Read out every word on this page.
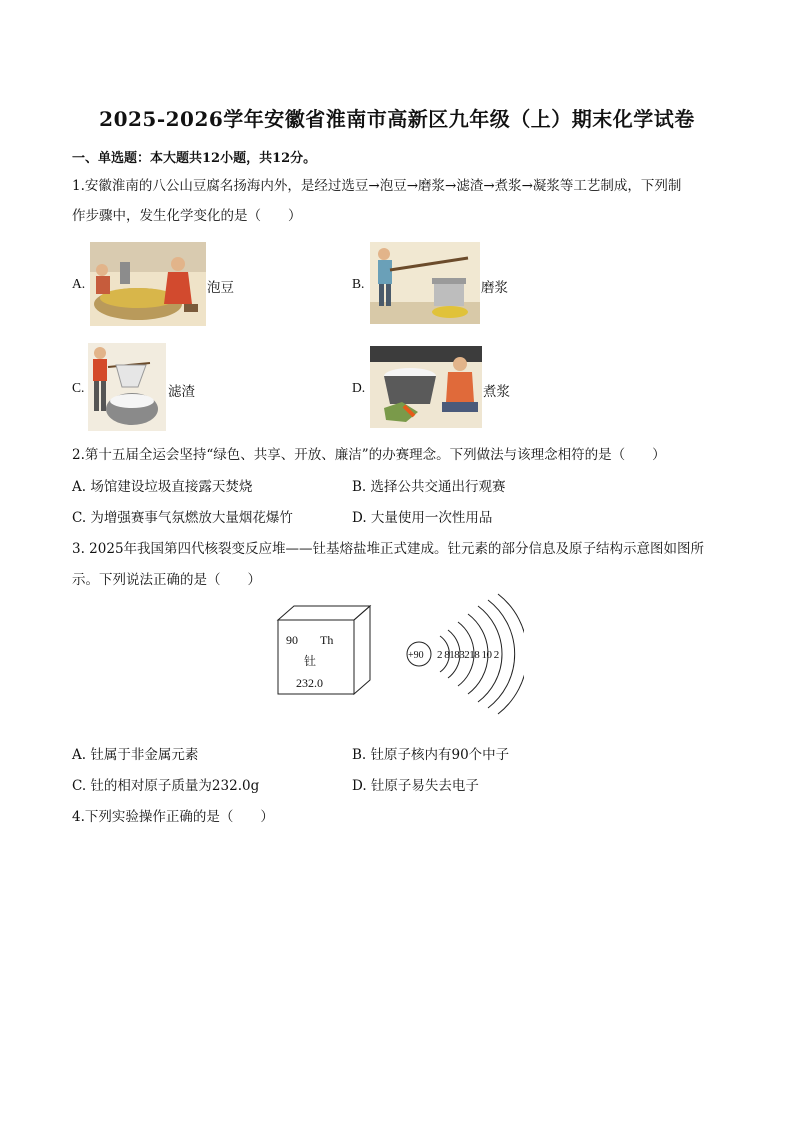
2025-2026学年安徽省淮南市高新区九年级（上）期末化学试卷
一、单选题：本大题共12小题，共12分。
1.安徽淮南的八公山豆腐名扬海内外，是经过选豆→泡豆→磨浆→滤渣→煮浆→凝浆等工艺制成，下列制
作步骤中，发生化学变化的是（　　）
A.	泡豆	B.	磨浆
C.	滤渣	D.	煮浆
2.第十五届全运会坚持“绿色、共享、开放、廉洁”的办赛理念。下列做法与该理念相符的是（　　）
A. 场馆建设垃圾直接露天焚烧	B. 选择公共交通出行观赛
C. 为增强赛事气氛燃放大量烟花爆竹	D. 大量使用一次性用品
3. 2025年我国第四代核裂变反应堆——钍基熔盐堆正式建成。钍元素的部分信息及原子结构示意图如图所
示。下列说法正确的是（　　）
90 Th
钍
232.0
+90 2 8183218 10 2
A. 钍属于非金属元素	B. 钍原子核内有90个中子
C. 钍的相对原子质量为232.0g	D. 钍原子易失去电子
4.下列实验操作正确的是（　　）
